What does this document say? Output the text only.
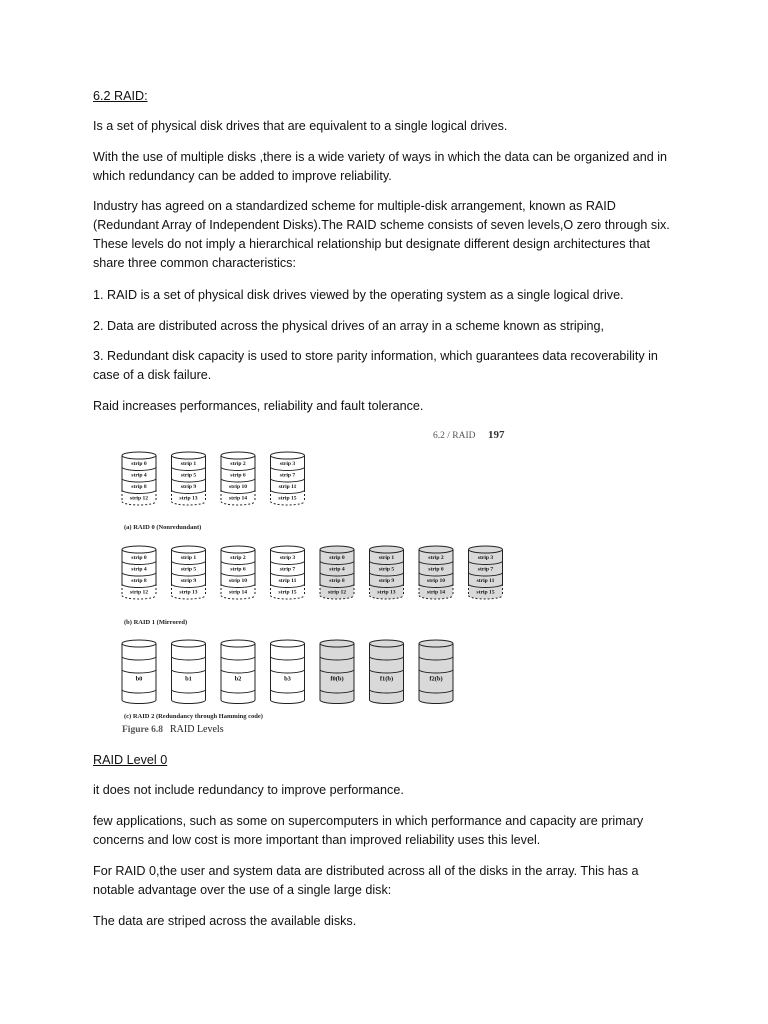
6.2 RAID:

Is a set of physical disk drives that are equivalent to a single logical drives.

With the use of multiple disks ,there is a wide variety of ways in which the data can be organized and in which redundancy can be added to improve reliability.

Industry has agreed on a standardized scheme for multiple-disk arrangement, known as RAID (Redundant Array of Independent Disks).The RAID scheme consists of seven levels,O zero through six. These levels do not imply a hierarchical relationship but designate different design architectures that share three common characteristics:

1. RAID is a set of physical disk drives viewed by the operating system as a single logical drive.

2. Data are distributed across the physical drives of an array in a scheme known as striping,

3. Redundant disk capacity is used to store parity information, which guarantees data recoverability in case of a disk failure.

Raid increases performances, reliability and fault tolerance.

6.2 / RAID 197
(a) RAID 0 (Nonredundant)
(b) RAID 1 (Mirrored)
(c) RAID 2 (Redundancy through Hamming code)
Figure 6.8 RAID Levels
strip 0
strip 4
strip 8
strip 12
strip 1
strip 5
strip 9
strip 13
strip 2
strip 6
strip 10
strip 14
strip 3
strip 7
strip 11
strip 15
strip 0
strip 4
strip 8
strip 12
strip 1
strip 5
strip 9
strip 13
strip 2
strip 6
strip 10
strip 14
strip 3
strip 7
strip 11
strip 15
strip 0
strip 4
strip 8
strip 12
strip 1
strip 5
strip 9
strip 13
strip 2
strip 6
strip 10
strip 14
strip 3
strip 7
strip 11
strip 15
b0	b1	b2	b3	f0(b)	f1(b)	f2(b)

RAID Level 0

it does not include redundancy to improve performance.

few applications, such as some on supercomputers in which performance and capacity are primary concerns and low cost is more important than improved reliability uses this level.

For RAID 0,the user and system data are distributed across all of the disks in the array. This has a notable advantage over the use of a single large disk:

The data are striped across the available disks.
